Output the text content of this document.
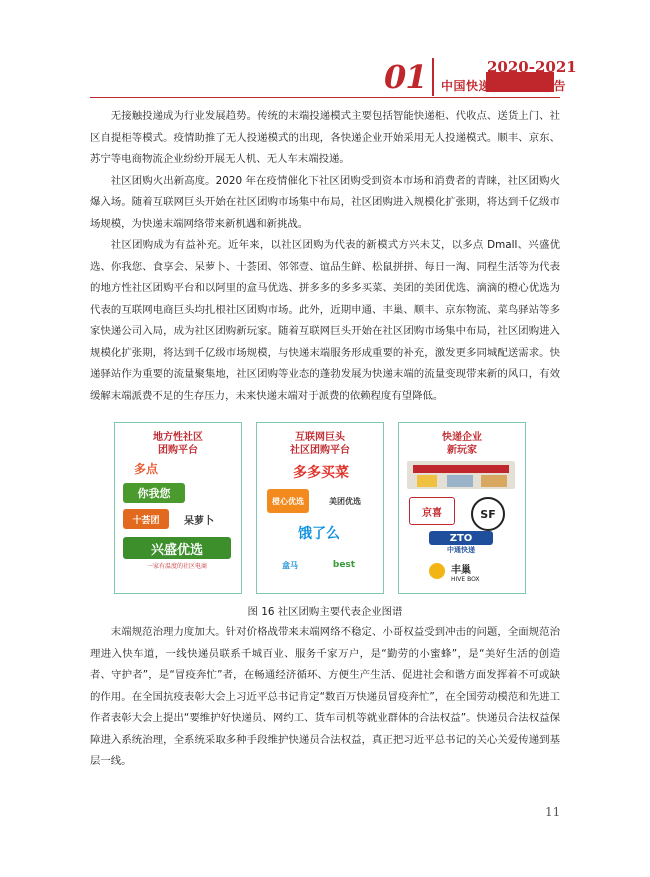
01	2020-2021
中国快递物流发展报告

无接触投递成为行业发展趋势。传统的末端投递模式主要包括智能快递柜、代收点、送货上门、社区自提柜等模式。疫情助推了无人投递模式的出现，各快递企业开始采用无人投递模式。顺丰、京东、苏宁等电商物流企业纷纷开展无人机、无人车末端投递。

社区团购火出新高度。2020 年在疫情催化下社区团购受到资本市场和消费者的青睐，社区团购火爆入场。随着互联网巨头开始在社区团购市场集中布局，社区团购进入规模化扩张期，将达到千亿级市场规模，为快递末端网络带来新机遇和新挑战。

社区团购成为有益补充。近年来，以社区团购为代表的新模式方兴未艾，以多点 Dmall、兴盛优选、你我您、食享会、呆萝卜、十荟团、邻邻壹、谊品生鲜、松鼠拼拼、每日一淘、同程生活等为代表的地方性社区团购平台和以阿里的盒马优选、拼多多的多多买菜、美团的美团优选、滴滴的橙心优选为代表的互联网电商巨头均扎根社区团购市场。此外，近期申通、丰巢、顺丰、京东物流、菜鸟驿站等多家快递公司入局，成为社区团购新玩家。随着互联网巨头开始在社区团购市场集中布局，社区团购进入规模化扩张期，将达到千亿级市场规模，与快递末端服务形成重要的补充，激发更多同城配送需求。快递驿站作为重要的流量聚集地，社区团购等业态的蓬勃发展为快递末端的流量变现带来新的风口，有效缓解末端派费不足的生存压力，未来快递末端对于派费的依赖程度有望降低。

地方性社区
团购平台
多点
你我您
呆萝卜
十荟团
兴盛优选
一家有温度的社区电商
互联网巨头
社区团购平台
多多买菜
橙心优选	美团优选
饿了么
盒马	best
快递企业
新玩家
京喜	SF
ZTO
中通快递
丰巢
HIVE BOX
图 16 社区团购主要代表企业图谱

末端规范治理力度加大。针对价格战带来末端网络不稳定、小哥权益受到冲击的问题，全面规范治理进入快车道，一线快递员联系千城百业、服务千家万户，是“勤劳的小蜜蜂”，是“美好生活的创造者、守护者”，是“冒疫奔忙”者，在畅通经济循环、方便生产生活、促进社会和谐方面发挥着不可或缺的作用。在全国抗疫表彰大会上习近平总书记肯定“数百万快递员冒疫奔忙”，在全国劳动模范和先进工作者表彰大会上提出“要维护好快递员、网约工、货车司机等就业群体的合法权益”。快递员合法权益保障进入系统治理，全系统采取多种手段维护快递员合法权益，真正把习近平总书记的关心关爱传递到基层一线。

11
